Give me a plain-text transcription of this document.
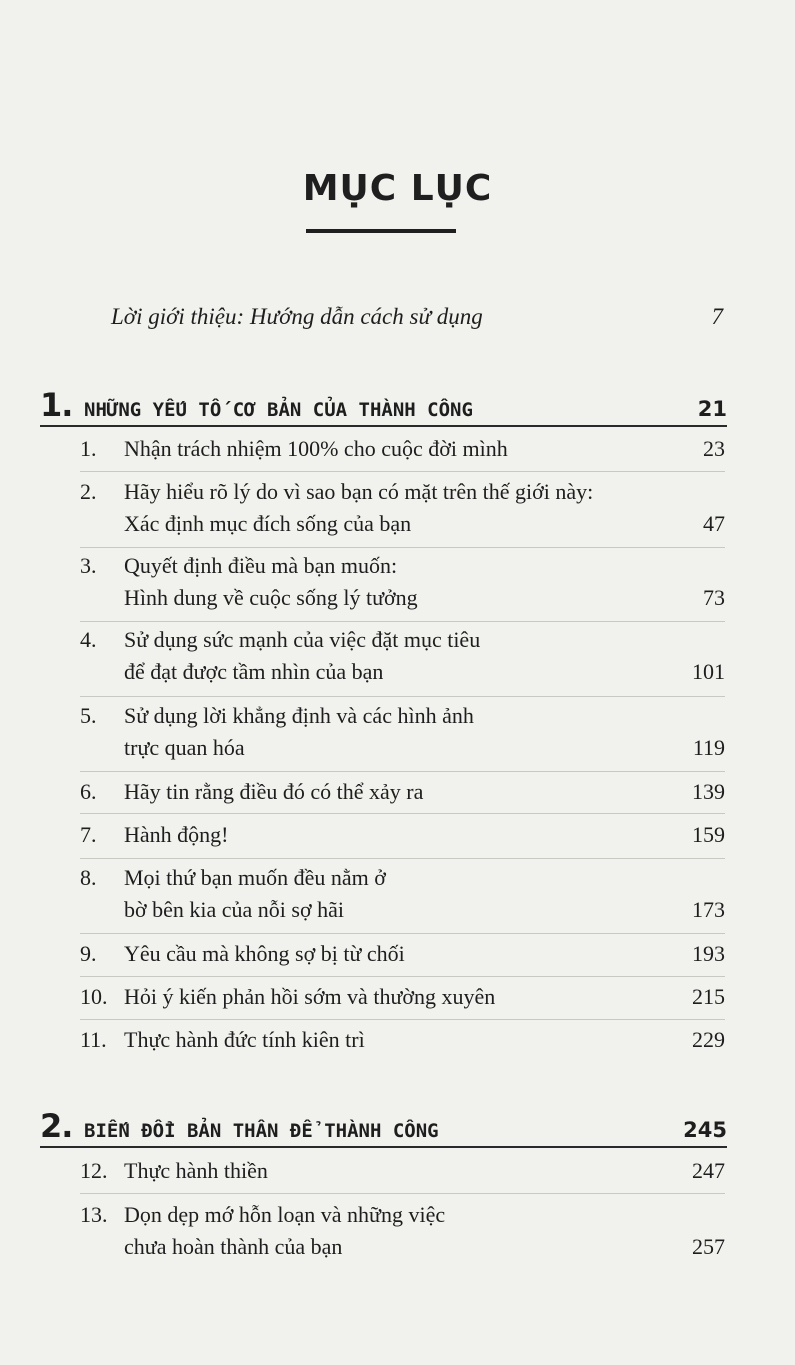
MỤC LỤC
Lời giới thiệu: Hướng dẫn cách sử dụng	7
1. NHỮNG YẾU TỐ CƠ BẢN CỦA THÀNH CÔNG	21
1.	Nhận trách nhiệm 100% cho cuộc đời mình	23
2.	Hãy hiểu rõ lý do vì sao bạn có mặt trên thế giới này:
Xác định mục đích sống của bạn	47
3.	Quyết định điều mà bạn muốn:
Hình dung về cuộc sống lý tưởng	73
4.	Sử dụng sức mạnh của việc đặt mục tiêu
để đạt được tầm nhìn của bạn	101
5.	Sử dụng lời khẳng định và các hình ảnh
trực quan hóa	119
6.	Hãy tin rằng điều đó có thể xảy ra	139
7.	Hành động!	159
8.	Mọi thứ bạn muốn đều nằm ở
bờ bên kia của nỗi sợ hãi	173
9.	Yêu cầu mà không sợ bị từ chối	193
10. Hỏi ý kiến phản hồi sớm và thường xuyên	215
11. Thực hành đức tính kiên trì	229
2. BIẾN ĐỔI BẢN THÂN ĐỂ THÀNH CÔNG	245
12. Thực hành thiền	247
13. Dọn dẹp mớ hỗn loạn và những việc
chưa hoàn thành của bạn	257
